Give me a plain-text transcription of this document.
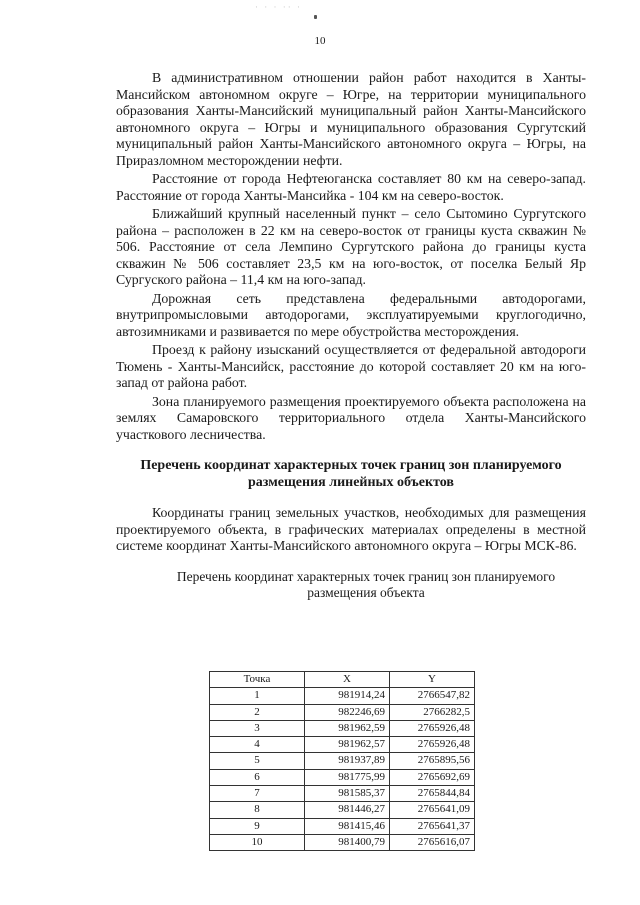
· · · ·· ·
10

В административном отношении район работ находится в Ханты-Мансийском автономном округе – Югре, на территории муниципального образования Ханты-Мансийский муниципальный район Ханты-Мансийского автономного округа – Югры и муниципального образования Сургутский муниципальный район Ханты-Мансийского автономного округа – Югры, на Приразломном месторождении нефти.

Расстояние от города Нефтеюганска составляет 80 км на северо-запад. Расстояние от города Ханты-Мансийка - 104 км на северо-восток.

Ближайший крупный населенный пункт – село Сытомино Сургутского района – расположен в 22 км на северо-восток от границы куста скважин № 506. Расстояние от села Лемпино Сургутского района до границы куста скважин № 506 составляет 23,5 км на юго-восток, от поселка Белый Яр Сургуского района – 11,4 км на юго-запад.

Дорожная сеть представлена федеральными автодорогами, внутрипромысловыми автодорогами, эксплуатируемыми круглогодично, автозимниками и развивается по мере обустройства месторождения.

Проезд к району изысканий осуществляется от федеральной автодороги Тюмень - Ханты-Мансийск, расстояние до которой составляет 20 км на юго-запад от района работ.

Зона планируемого размещения проектируемого объекта расположена на землях Самаровского территориального отдела Ханты-Мансийского участкового лесничества.

Перечень координат характерных точек границ зон планируемого размещения линейных объектов

Координаты границ земельных участков, необходимых для размещения проектируемого объекта, в графических материалах определены в местной системе координат Ханты-Мансийского автономного округа – Югры МСК-86.

Перечень координат характерных точек границ зон планируемого размещения объекта
Точка	X	Y
1	981914,24	2766547,82
2	982246,69	2766282,5
3	981962,59	2765926,48
4	981962,57	2765926,48
5	981937,89	2765895,56
6	981775,99	2765692,69
7	981585,37	2765844,84
8	981446,27	2765641,09
9	981415,46	2765641,37
10	981400,79	2765616,07
